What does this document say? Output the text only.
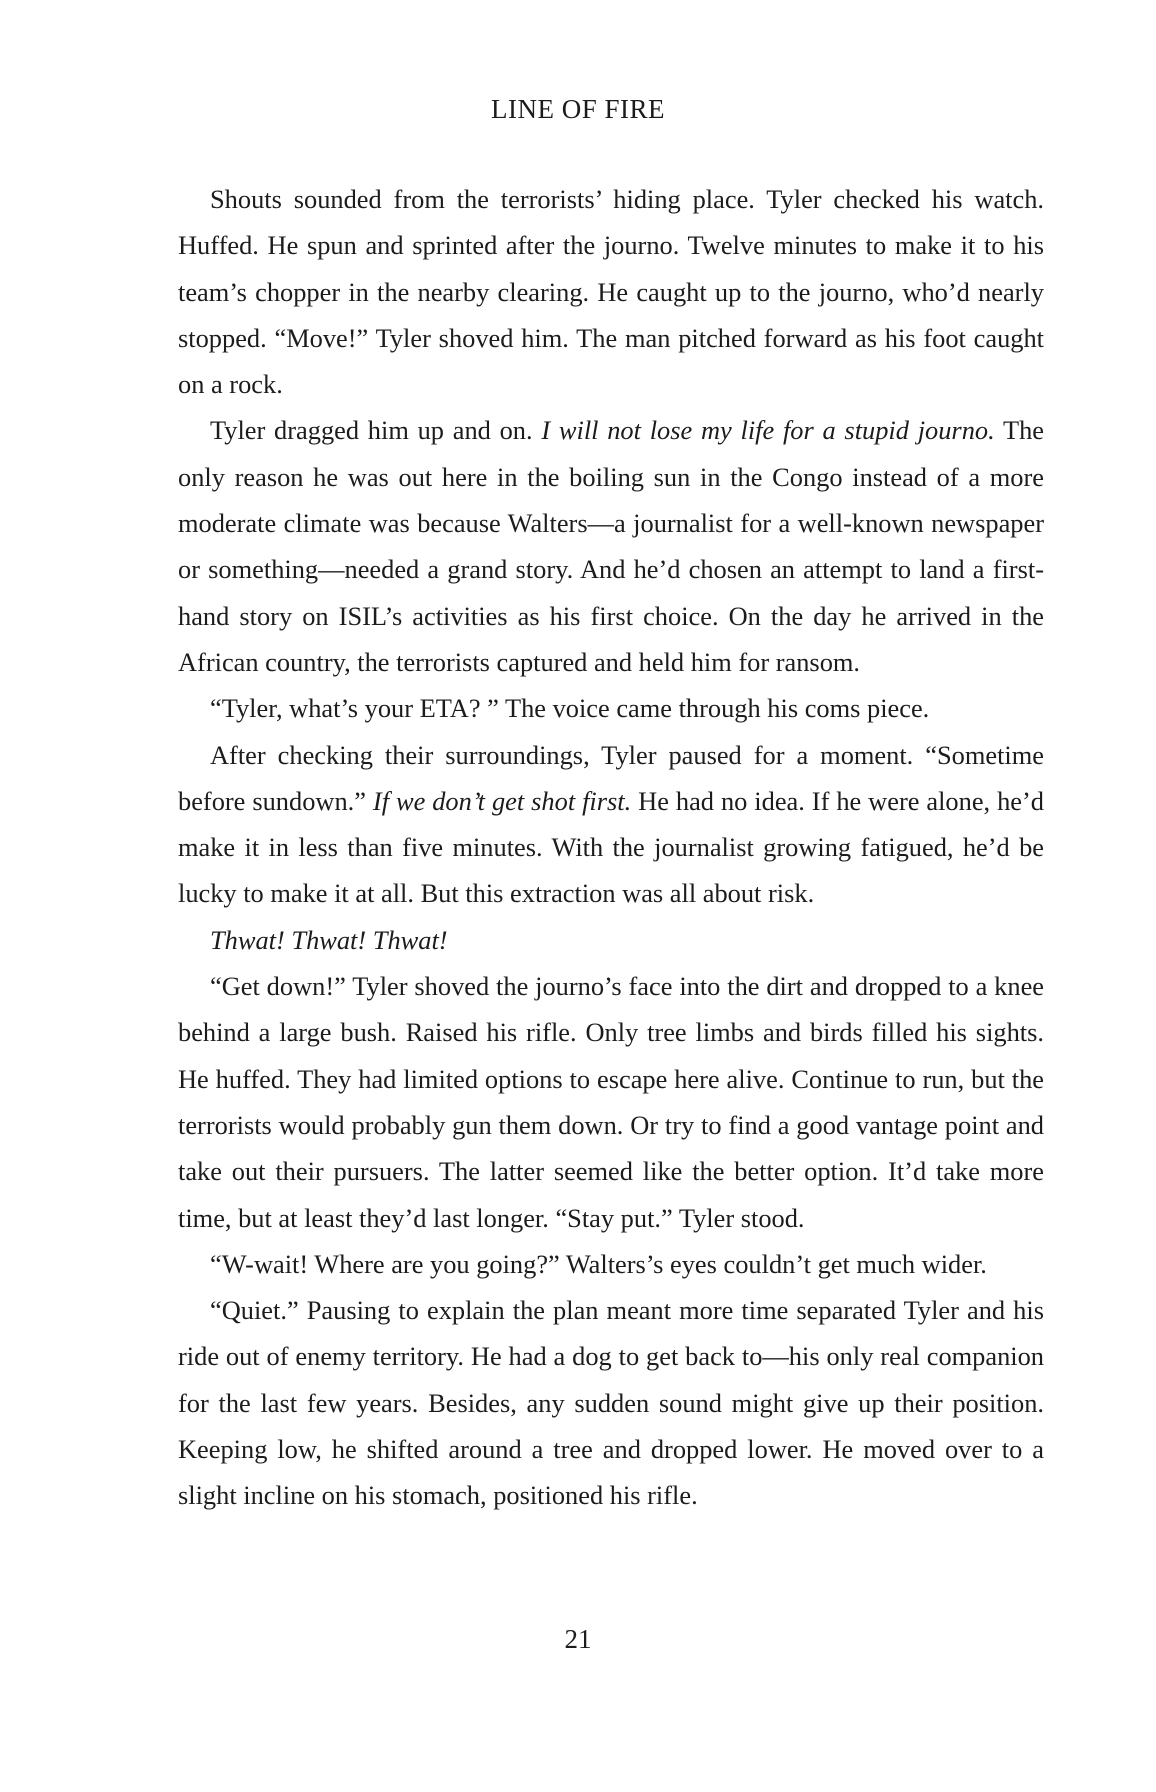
LINE OF FIRE

Shouts sounded from the terrorists’ hiding place. Tyler checked his watch. Huffed. He spun and sprinted after the journo. Twelve minutes to make it to his team’s chopper in the nearby clearing. He caught up to the journo, who’d nearly stopped. “Move!” Tyler shoved him. The man pitched forward as his foot caught on a rock.

Tyler dragged him up and on. I will not lose my life for a stupid journo. The only reason he was out here in the boiling sun in the Congo instead of a more moderate climate was because Walters—a journalist for a well-known newspaper or something—needed a grand story. And he’d chosen an attempt to land a first-hand story on ISIL’s activities as his first choice. On the day he arrived in the African country, the terrorists captured and held him for ransom.

“Tyler, what’s your ETA? ” The voice came through his coms piece.

After checking their surroundings, Tyler paused for a moment. “Sometime before sundown.” If we don’t get shot first. He had no idea. If he were alone, he’d make it in less than five minutes. With the journalist growing fatigued, he’d be lucky to make it at all. But this extraction was all about risk.

Thwat! Thwat! Thwat!

“Get down!” Tyler shoved the journo’s face into the dirt and dropped to a knee behind a large bush. Raised his rifle. Only tree limbs and birds filled his sights. He huffed. They had limited options to escape here alive. Continue to run, but the terrorists would probably gun them down. Or try to find a good vantage point and take out their pursuers. The latter seemed like the better option. It’d take more time, but at least they’d last longer. “Stay put.” Tyler stood.

“W-wait! Where are you going?” Walters’s eyes couldn’t get much wider.

“Quiet.” Pausing to explain the plan meant more time separated Tyler and his ride out of enemy territory. He had a dog to get back to—his only real companion for the last few years. Besides, any sudden sound might give up their position. Keeping low, he shifted around a tree and dropped lower. He moved over to a slight incline on his stomach, positioned his rifle.

21
